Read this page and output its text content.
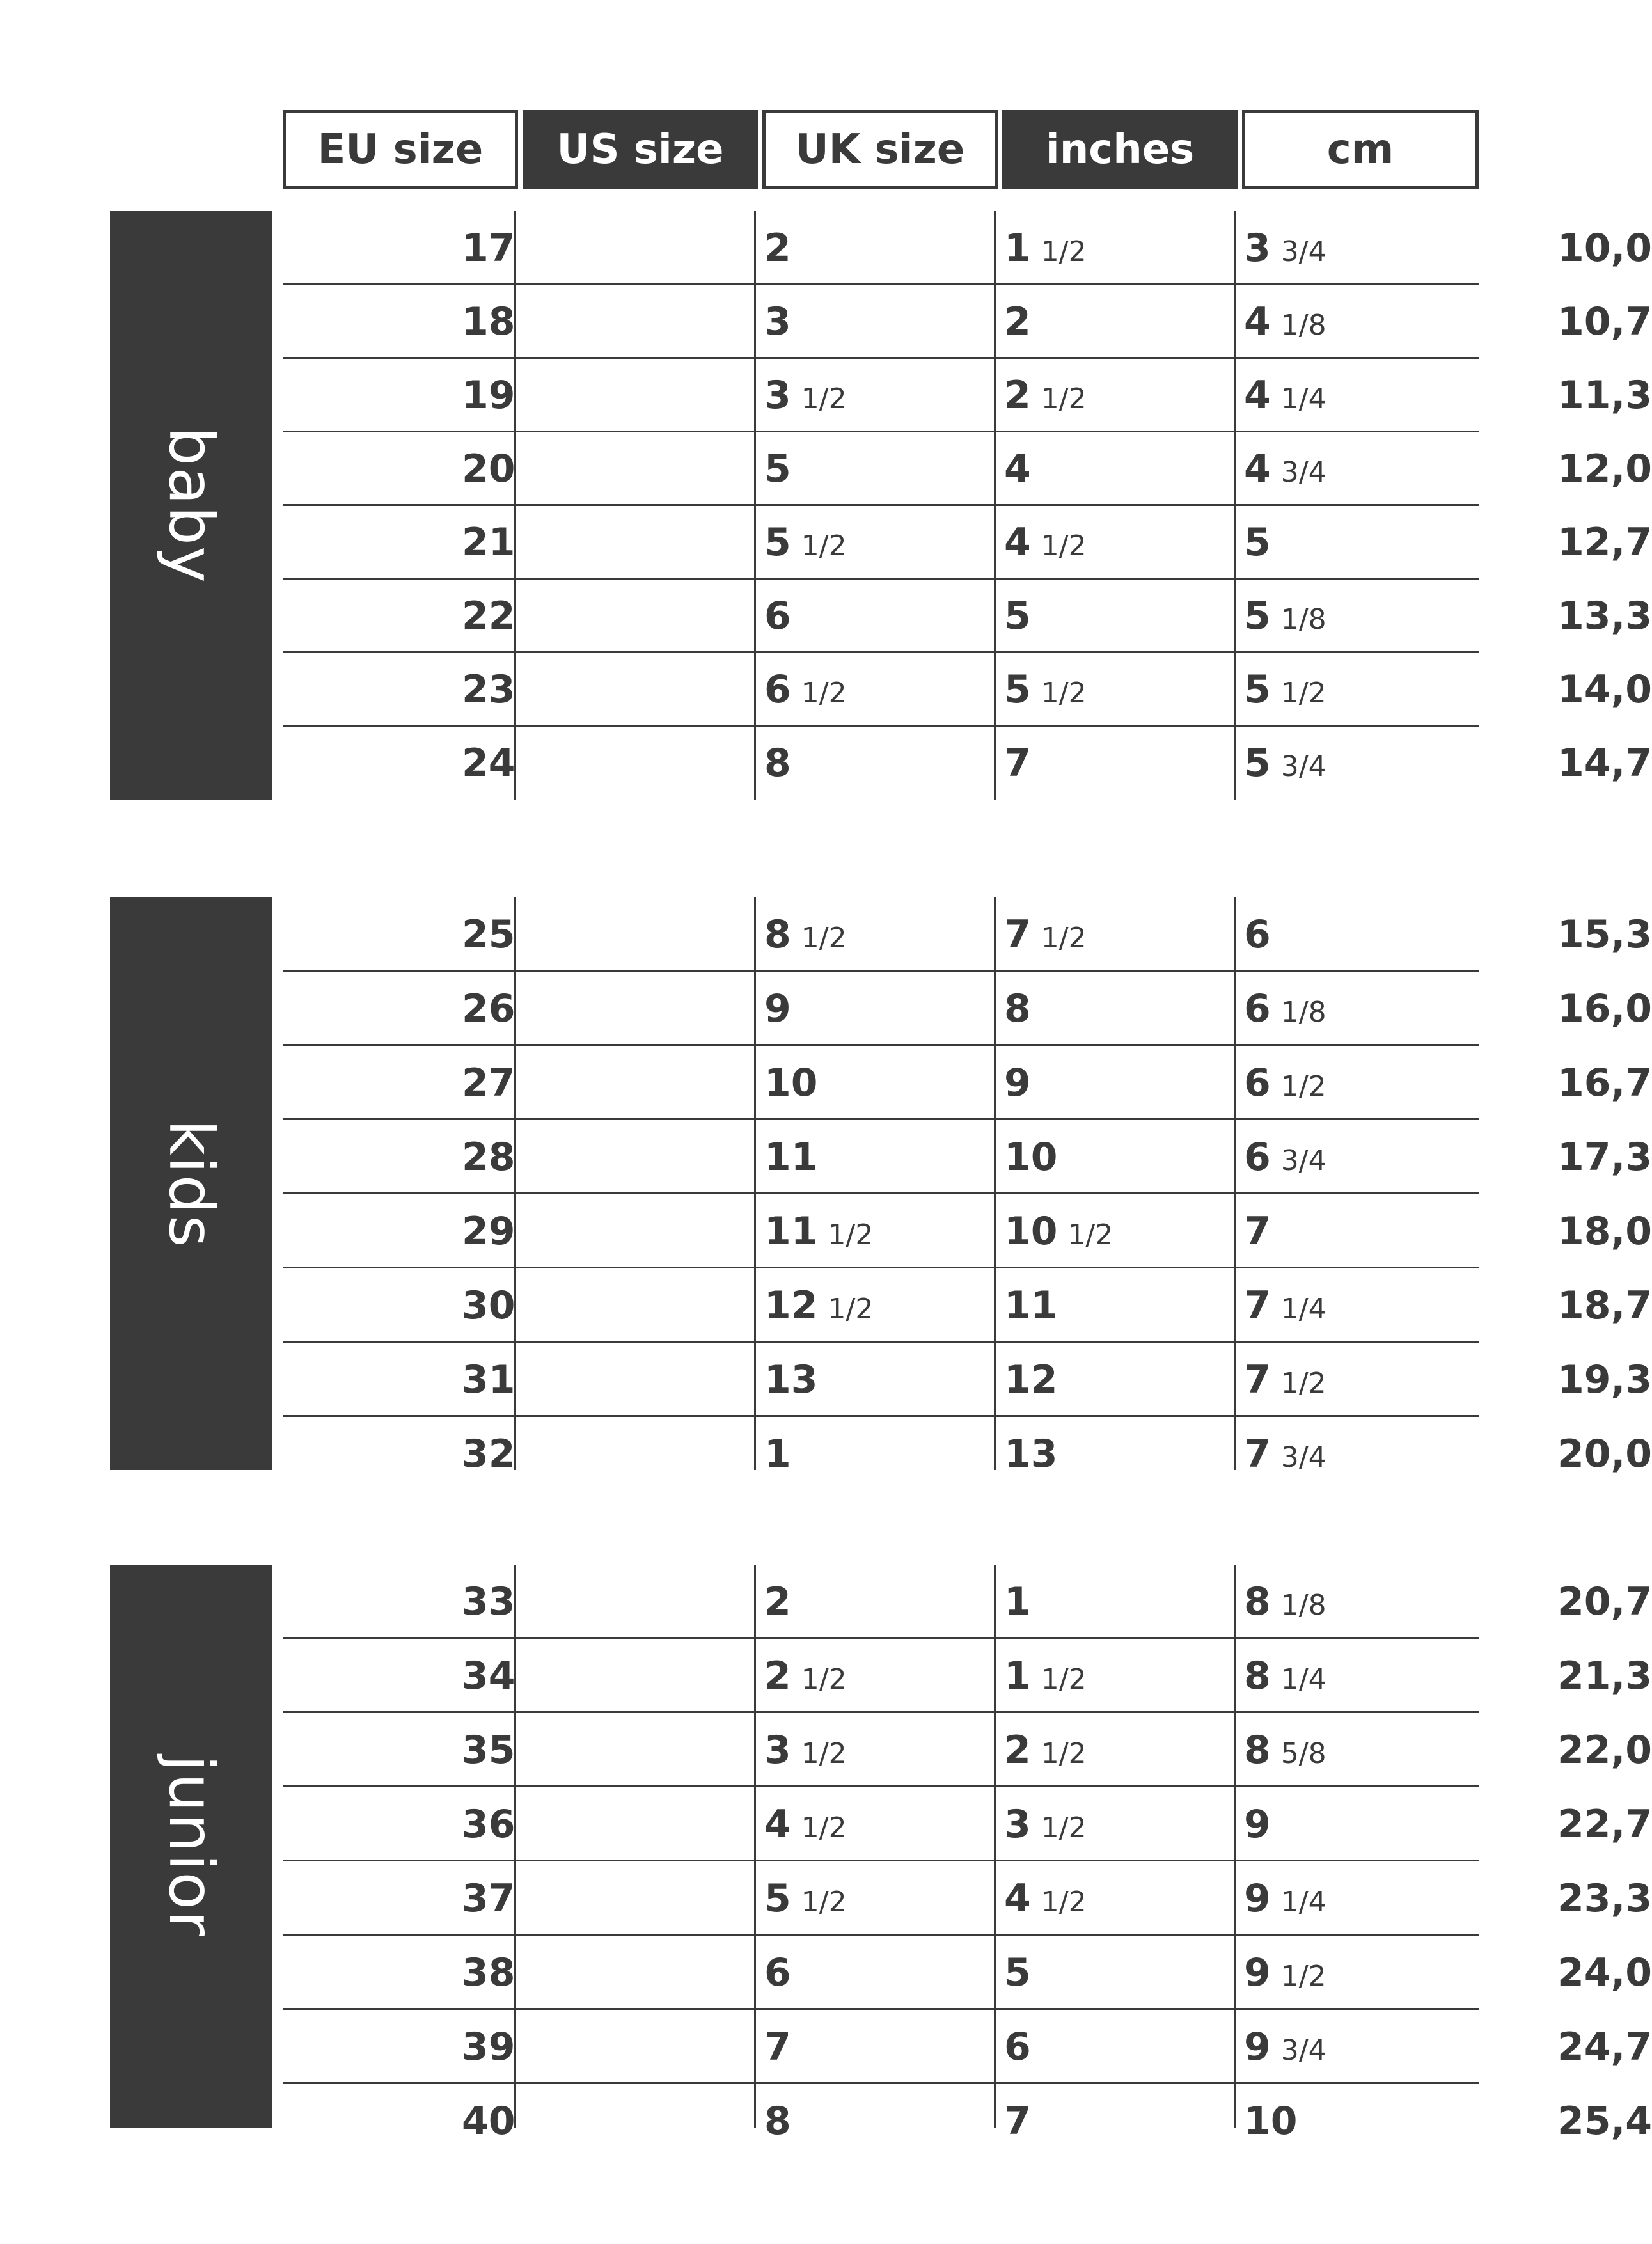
EU size	US size	UK size	inches	cm
baby
17	2	1 1/2	3 3/4	10,0
18	3	2	4 1/8	10,7
19	3 1/2	2 1/2	4 1/4	11,3
20	5	4	4 3/4	12,0
21	5 1/2	4 1/2	5	12,7
22	6	5	5 1/8	13,3
23	6 1/2	5 1/2	5 1/2	14,0
24	8	7	5 3/4	14,7
kids
25	8 1/2	7 1/2	6	15,3
26	9	8	6 1/8	16,0
27	10	9	6 1/2	16,7
28	11	10	6 3/4	17,3
29	11 1/2	10 1/2	7	18,0
30	12 1/2	11	7 1/4	18,7
31	13	12	7 1/2	19,3
32	1	13	7 3/4	20,0
junior
33	2	1	8 1/8	20,7
34	2 1/2	1 1/2	8 1/4	21,3
35	3 1/2	2 1/2	8 5/8	22,0
36	4 1/2	3 1/2	9	22,7
37	5 1/2	4 1/2	9 1/4	23,3
38	6	5	9 1/2	24,0
39	7	6	9 3/4	24,7
40	8	7	10	25,4
